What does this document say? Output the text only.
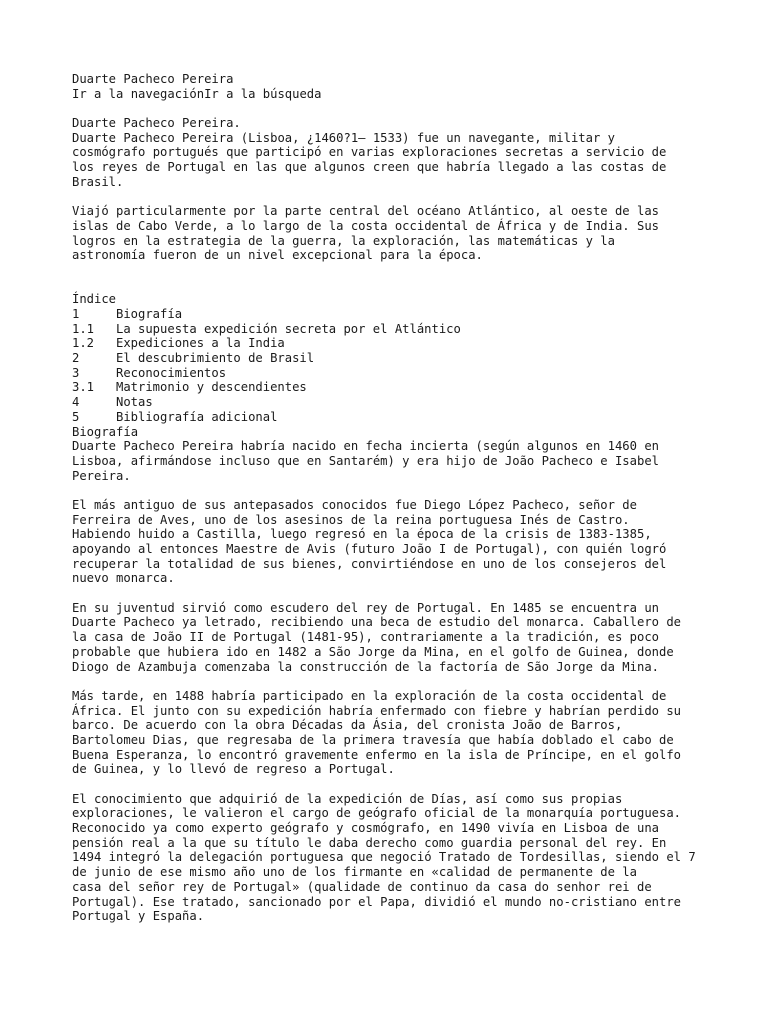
Duarte Pacheco Pereira
Ir a la navegaciónIr a la búsqueda
Duarte Pacheco Pereira.
Duarte Pacheco Pereira (Lisboa, ¿1460?1— 1533) fue un navegante, militar y
cosmógrafo portugués que participó en varias exploraciones secretas a servicio de
los reyes de Portugal en las que algunos creen que habría llegado a las costas de
Brasil.
Viajó particularmente por la parte central del océano Atlántico, al oeste de las
islas de Cabo Verde, a lo largo de la costa occidental de África y de India. Sus
logros en la estrategia de la guerra, la exploración, las matemáticas y la
astronomía fueron de un nivel excepcional para la época.
Índice
1	Biografía
1.1	La supuesta expedición secreta por el Atlántico
1.2	Expediciones a la India
2	El descubrimiento de Brasil
3	Reconocimientos
3.1	Matrimonio y descendientes
4	Notas
5	Bibliografía adicional
Biografía
Duarte Pacheco Pereira habría nacido en fecha incierta (según algunos en 1460 en
Lisboa, afirmándose incluso que en Santarém) y era hijo de João Pacheco e Isabel
Pereira.
El más antiguo de sus antepasados conocidos fue Diego López Pacheco, señor de
Ferreira de Aves, uno de los asesinos de la reina portuguesa Inés de Castro.
Habiendo huido a Castilla, luego regresó en la época de la crisis de 1383-1385,
apoyando al entonces Maestre de Avis (futuro João I de Portugal), con quién logró
recuperar la totalidad de sus bienes, convirtiéndose en uno de los consejeros del
nuevo monarca.
En su juventud sirvió como escudero del rey de Portugal. En 1485 se encuentra un
Duarte Pacheco ya letrado, recibiendo una beca de estudio del monarca. Caballero de
la casa de João II de Portugal (1481-95), contrariamente a la tradición, es poco
probable que hubiera ido en 1482 a São Jorge da Mina, en el golfo de Guinea, donde
Diogo de Azambuja comenzaba la construcción de la factoría de São Jorge da Mina.
Más tarde, en 1488 habría participado en la exploración de la costa occidental de
África. El junto con su expedición habría enfermado con fiebre y habrían perdido su
barco. De acuerdo con la obra Décadas da Ásia, del cronista João de Barros,
Bartolomeu Dias, que regresaba de la primera travesía que había doblado el cabo de
Buena Esperanza, lo encontró gravemente enfermo en la isla de Príncipe, en el golfo
de Guinea, y lo llevó de regreso a Portugal.
El conocimiento que adquirió de la expedición de Días, así como sus propias
exploraciones, le valieron el cargo de geógrafo oficial de la monarquía portuguesa.
Reconocido ya como experto geógrafo y cosmógrafo, en 1490 vivía en Lisboa de una
pensión real a la que su título le daba derecho como guardia personal del rey. En
1494 integró la delegación portuguesa que negoció Tratado de Tordesillas, siendo el 7
de junio de ese mismo año uno de los firmante en «calidad de permanente de la
casa del señor rey de Portugal» (qualidade de continuo da casa do senhor rei de
Portugal). Ese tratado, sancionado por el Papa, dividió el mundo no-cristiano entre
Portugal y España.
